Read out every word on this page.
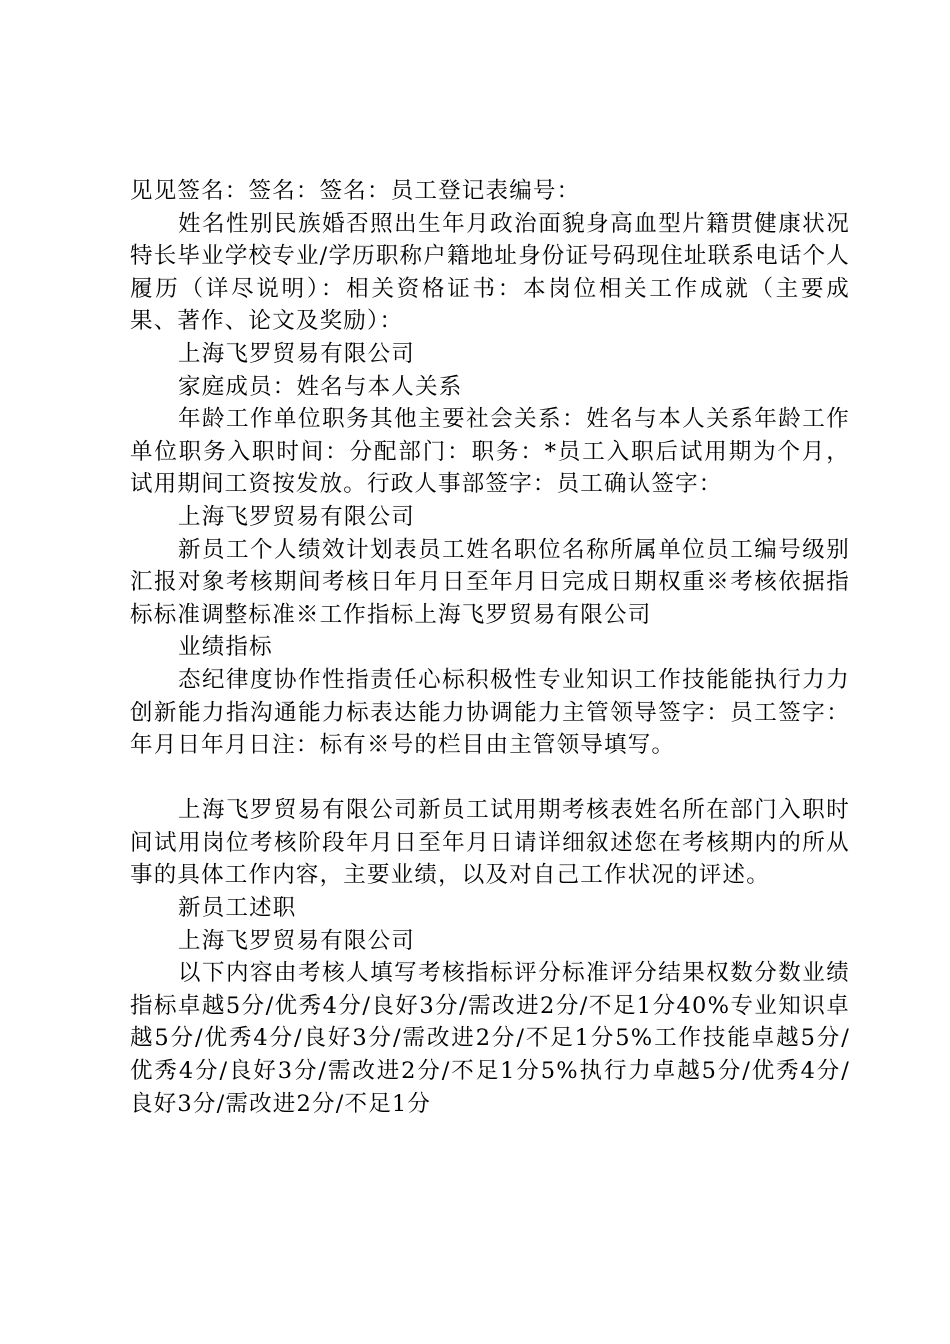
见见签名：签名：签名：员工登记表编号：

姓名性别民族婚否照出生年月政治面貌身高血型片籍贯健康状况特长毕业学校专业/学历职称户籍地址身份证号码现住址联系电话个人履历（详尽说明）：相关资格证书：本岗位相关工作成就（主要成果、著作、论文及奖励）：

上海飞罗贸易有限公司

家庭成员：姓名与本人关系

年龄工作单位职务其他主要社会关系：姓名与本人关系年龄工作单位职务入职时间：分配部门：职务：*员工入职后试用期为个月，试用期间工资按发放。行政人事部签字：员工确认签字：

上海飞罗贸易有限公司

新员工个人绩效计划表员工姓名职位名称所属单位员工编号级别汇报对象考核期间考核日年月日至年月日完成日期权重※考核依据指标标准调整标准※工作指标上海飞罗贸易有限公司

业绩指标

态纪律度协作性指责任心标积极性专业知识工作技能能执行力力创新能力指沟通能力标表达能力协调能力主管领导签字：员工签字：年月日年月日注：标有※号的栏目由主管领导填写。

上海飞罗贸易有限公司新员工试用期考核表姓名所在部门入职时间试用岗位考核阶段年月日至年月日请详细叙述您在考核期内的所从事的具体工作内容，主要业绩，以及对自己工作状况的评述。

新员工述职

上海飞罗贸易有限公司

以下内容由考核人填写考核指标评分标准评分结果权数分数业绩指标卓越5分/优秀4分/良好3分/需改进2分/不足1分40%专业知识卓越5分/优秀4分/良好3分/需改进2分/不足1分5%工作技能卓越5分/优秀4分/良好3分/需改进2分/不足1分5%执行力卓越5分/优秀4分/良好3分/需改进2分/不足1分
